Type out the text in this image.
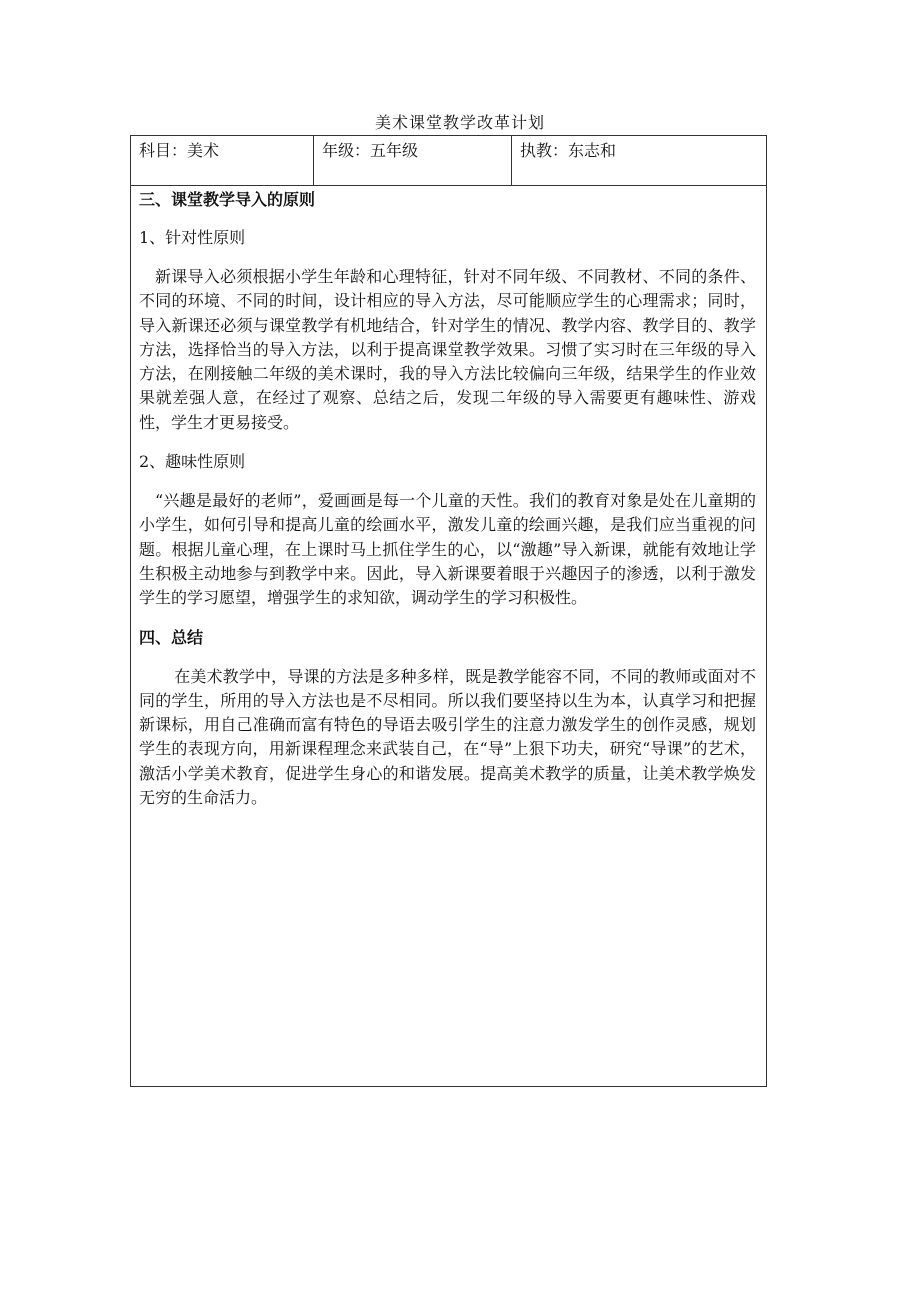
美术课堂教学改革计划
科目：美术	年级：五年级	执教：东志和

三、课堂教学导入的原则

1、针对性原则

新课导入必须根据小学生年龄和心理特征，针对不同年级、不同教材、不同的条件、不同的环境、不同的时间，设计相应的导入方法，尽可能顺应学生的心理需求；同时，导入新课还必须与课堂教学有机地结合，针对学生的情况、教学内容、教学目的、教学方法，选择恰当的导入方法，以利于提高课堂教学效果。习惯了实习时在三年级的导入方法，在刚接触二年级的美术课时，我的导入方法比较偏向三年级，结果学生的作业效果就差强人意，在经过了观察、总结之后，发现二年级的导入需要更有趣味性、游戏性，学生才更易接受。

2、趣味性原则

“兴趣是最好的老师”，爱画画是每一个儿童的天性。我们的教育对象是处在儿童期的小学生，如何引导和提高儿童的绘画水平，激发儿童的绘画兴趣，是我们应当重视的问题。根据儿童心理，在上课时马上抓住学生的心，以“激趣”导入新课，就能有效地让学生积极主动地参与到教学中来。因此，导入新课要着眼于兴趣因子的渗透，以利于激发学生的学习愿望，增强学生的求知欲，调动学生的学习积极性。

四、总结

在美术教学中，导课的方法是多种多样，既是教学能容不同，不同的教师或面对不同的学生，所用的导入方法也是不尽相同。所以我们要坚持以生为本，认真学习和把握新课标，用自己准确而富有特色的导语去吸引学生的注意力激发学生的创作灵感，规划学生的表现方向，用新课程理念来武装自己，在“导”上狠下功夫，研究“导课”的艺术，激活小学美术教育，促进学生身心的和谐发展。提高美术教学的质量，让美术教学焕发无穷的生命活力。
